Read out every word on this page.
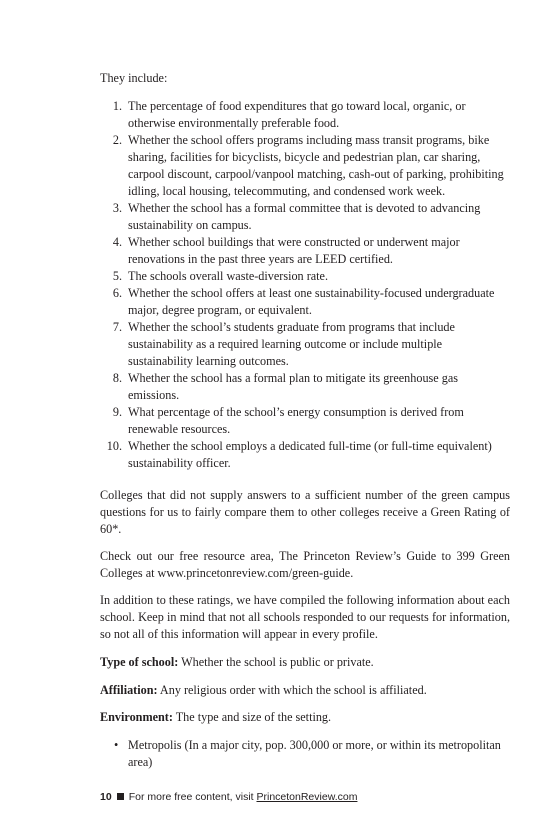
They include:

1. The percentage of food expenditures that go toward local, organic, or otherwise environmentally preferable food.
2. Whether the school offers programs including mass transit programs, bike sharing, facilities for bicyclists, bicycle and pedestrian plan, car sharing, carpool discount, carpool/vanpool matching, cash-out of parking, prohibiting idling, local housing, telecommuting, and condensed work week.
3. Whether the school has a formal committee that is devoted to advancing sustainability on campus.
4. Whether school buildings that were constructed or underwent major renovations in the past three years are LEED certified.
5. The schools overall waste-diversion rate.
6. Whether the school offers at least one sustainability-focused undergraduate major, degree program, or equivalent.
7. Whether the school’s students graduate from programs that include sustainability as a required learning outcome or include multiple sustainability learning outcomes.
8. Whether the school has a formal plan to mitigate its greenhouse gas emissions.
9. What percentage of the school’s energy consumption is derived from renewable resources.
10. Whether the school employs a dedicated full-time (or full-time equivalent) sustainability officer.

Colleges that did not supply answers to a sufficient number of the green campus questions for us to fairly compare them to other colleges receive a Green Rating of 60*.

Check out our free resource area, The Princeton Review’s Guide to 399 Green Colleges at www.princetonreview.com/green-guide.

In addition to these ratings, we have compiled the following information about each school. Keep in mind that not all schools responded to our requests for information, so not all of this information will appear in every profile.

Type of school: Whether the school is public or private.

Affiliation: Any religious order with which the school is affiliated.

Environment: The type and size of the setting.

• Metropolis (In a major city, pop. 300,000 or more, or within its metropolitan area)
10 For more free content, visit PrincetonReview.com
